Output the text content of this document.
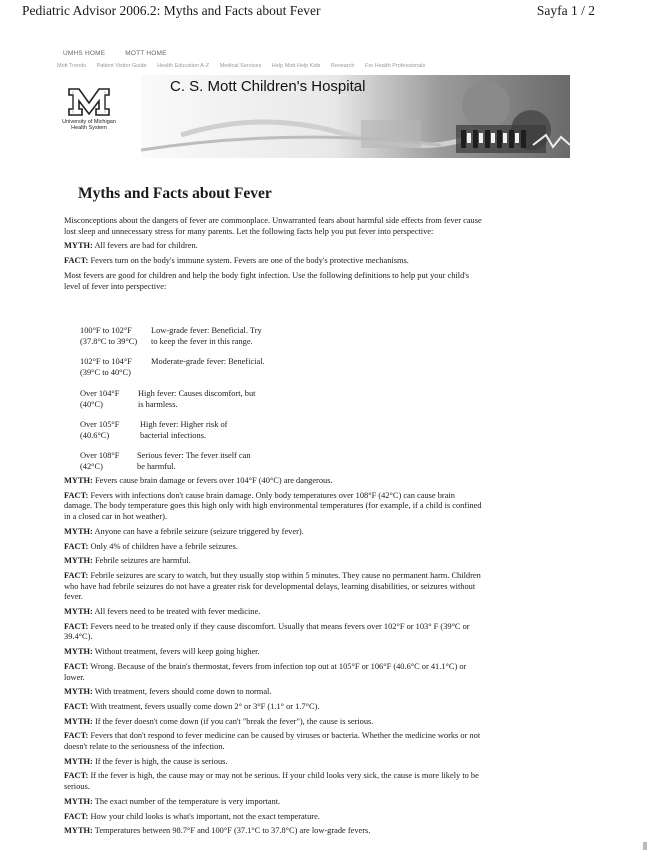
Pediatric Advisor 2006.2: Myths and Facts about Fever	Sayfa 1 / 2
UMHS HOME	MOTT HOME
Mott Trends Patient Visitor Guide Health Education A-Z Medical Services Help Mott Help Kids Research For Health Professionals
University of Michigan Health System
C. S. Mott Children's Hospital
Myths and Facts about Fever

Misconceptions about the dangers of fever are commonplace. Unwarranted fears about harmful side effects from fever cause lost sleep and unnecessary stress for many parents. Let the following facts help you put fever into perspective:

MYTH: All fevers are bad for children.

FACT: Fevers turn on the body's immune system. Fevers are one of the body's protective mechanisms.

Most fevers are good for children and help the body fight infection. Use the following definitions to help put your child's level of fever into perspective:

100°F to 102°F
(37.8°C to 39°C)
Low-grade fever: Beneficial. Try
to keep the fever in this range.
102°F to 104°F
(39°C to 40°C)
Moderate-grade fever: Beneficial.
Over 104°F
(40°C)
High fever: Causes discomfort, but
is harmless.
Over 105°F
(40.6°C)
High fever: Higher risk of
bacterial infections.
Over 108°F
(42°C)
Serious fever: The fever itself can
be harmful.
MYTH: Fevers cause brain damage or fevers over 104°F (40°C) are dangerous.
FACT: Fevers with infections don't cause brain damage. Only body temperatures over 108°F (42°C) can cause brain damage. The body temperature goes this high only with high environmental temperatures (for example, if a child is confined in a closed car in hot weather).
MYTH: Anyone can have a febrile seizure (seizure triggered by fever).
FACT: Only 4% of children have a febrile seizures.
MYTH: Febrile seizures are harmful.
FACT: Febrile seizures are scary to watch, but they usually stop within 5 minutes. They cause no permanent harm. Children who have had febrile seizures do not have a greater risk for developmental delays, learning disabilities, or seizures without fever.
MYTH: All fevers need to be treated with fever medicine.
FACT: Fevers need to be treated only if they cause discomfort. Usually that means fevers over 102°F or 103° F (39°C or 39.4°C).
MYTH: Without treatment, fevers will keep going higher.
FACT: Wrong. Because of the brain's thermostat, fevers from infection top out at 105°F or 106°F (40.6°C or 41.1°C) or lower.
MYTH: With treatment, fevers should come down to normal.
FACT: With treatment, fevers usually come down 2° or 3°F (1.1° or 1.7°C).
MYTH: If the fever doesn't come down (if you can't "break the fever"), the cause is serious.
FACT: Fevers that don't respond to fever medicine can be caused by viruses or bacteria. Whether the medicine works or not doesn't relate to the seriousness of the infection.
MYTH: If the fever is high, the cause is serious.
FACT: If the fever is high, the cause may or may not be serious. If your child looks very sick, the cause is more likely to be serious.
MYTH: The exact number of the temperature is very important.
FACT: How your child looks is what's important, not the exact temperature.
MYTH: Temperatures between 98.7°F and 100°F (37.1°C to 37.8°C) are low-grade fevers.
